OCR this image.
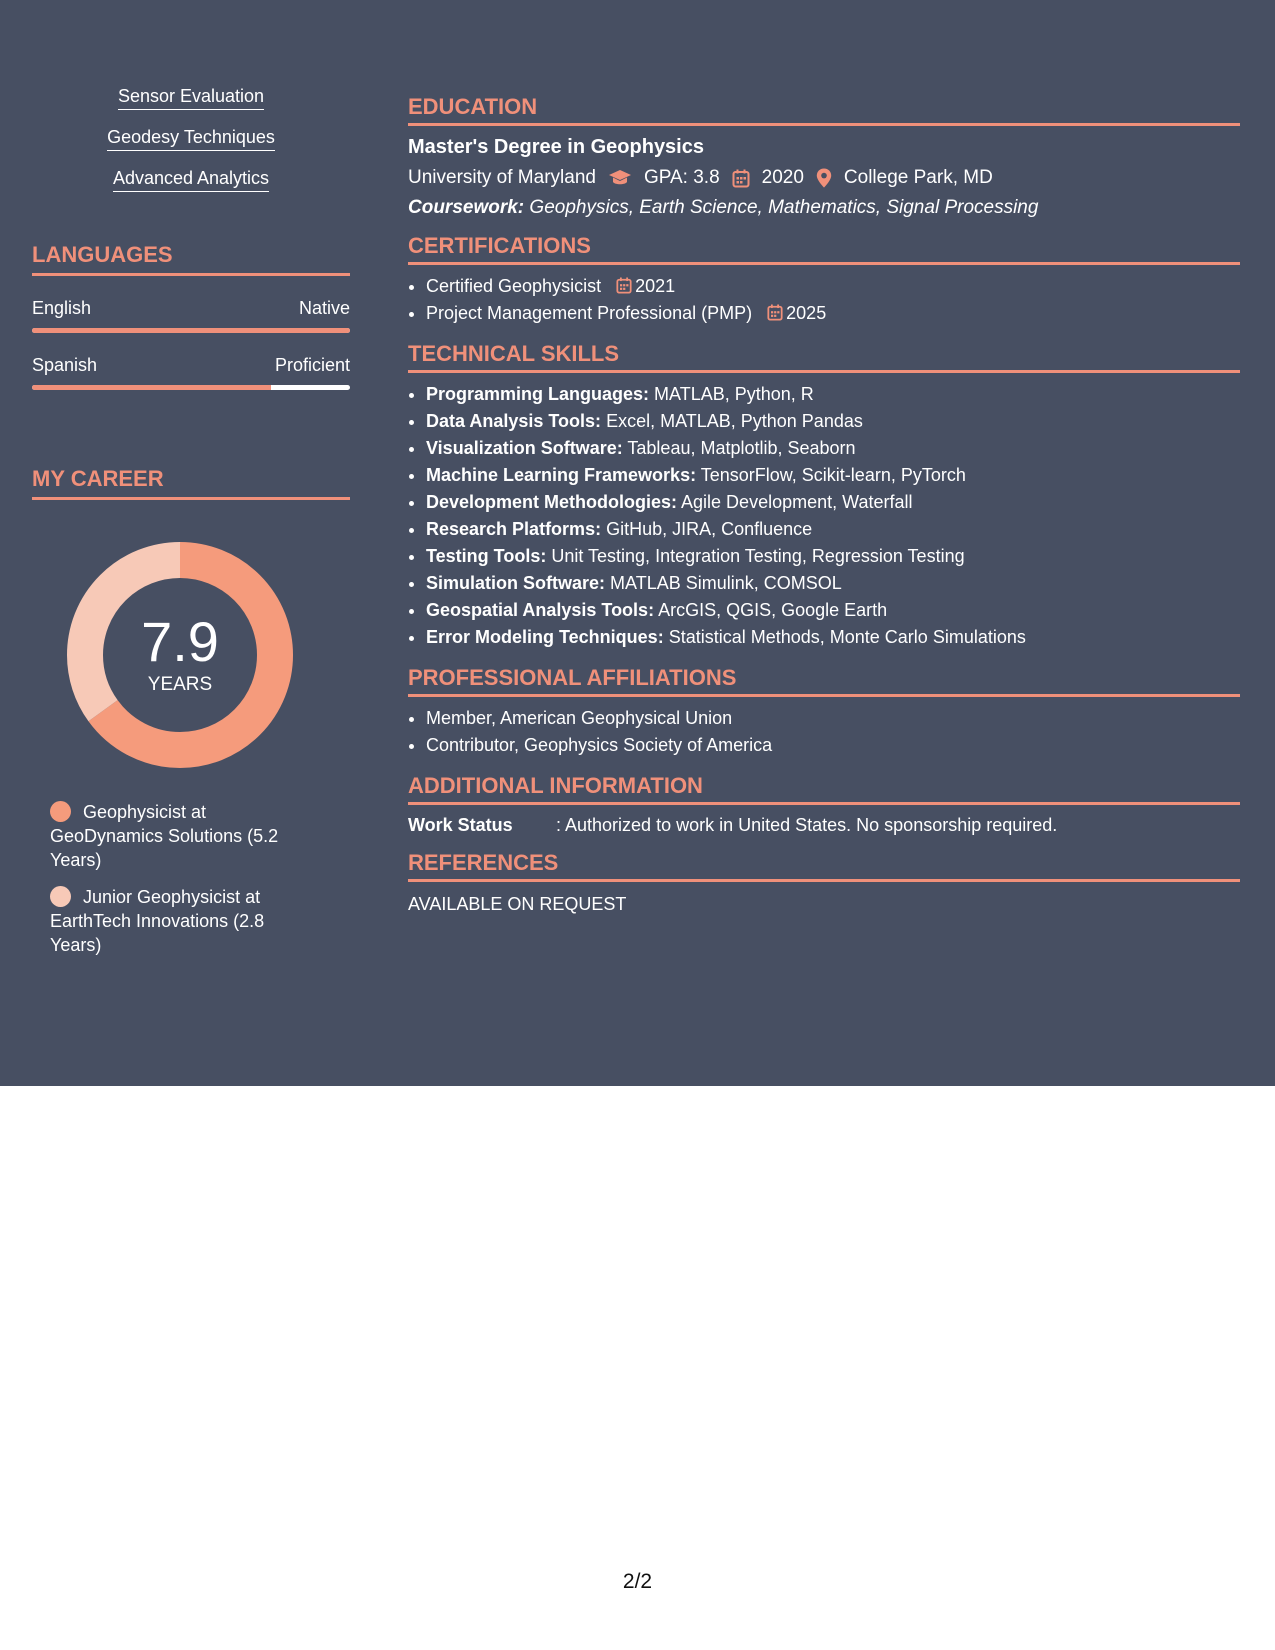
Sensor Evaluation
Geodesy Techniques
Advanced Analytics
LANGUAGES
English	Native
Spanish	Proficient
MY CAREER
7.9
YEARS
Geophysicist at GeoDynamics Solutions (5.2 Years)
Junior Geophysicist at EarthTech Innovations (2.8 Years)
EDUCATION
Master's Degree in Geophysics
University of Maryland	GPA: 3.8 2020 College Park, MD
Coursework: Geophysics, Earth Science, Mathematics, Signal Processing
CERTIFICATIONS
• Certified Geophysicist 2021
• Project Management Professional (PMP) 2025
TECHNICAL SKILLS
• Programming Languages: MATLAB, Python, R
• Data Analysis Tools: Excel, MATLAB, Python Pandas
• Visualization Software: Tableau, Matplotlib, Seaborn
• Machine Learning Frameworks: TensorFlow, Scikit-learn, PyTorch
• Development Methodologies: Agile Development, Waterfall
• Research Platforms: GitHub, JIRA, Confluence
• Testing Tools: Unit Testing, Integration Testing, Regression Testing
• Simulation Software: MATLAB Simulink, COMSOL
• Geospatial Analysis Tools: ArcGIS, QGIS, Google Earth
• Error Modeling Techniques: Statistical Methods, Monte Carlo Simulations
PROFESSIONAL AFFILIATIONS
• Member, American Geophysical Union
• Contributor, Geophysics Society of America
ADDITIONAL INFORMATION
Work Status	: Authorized to work in United States. No sponsorship required.
REFERENCES
AVAILABLE ON REQUEST
2/2
